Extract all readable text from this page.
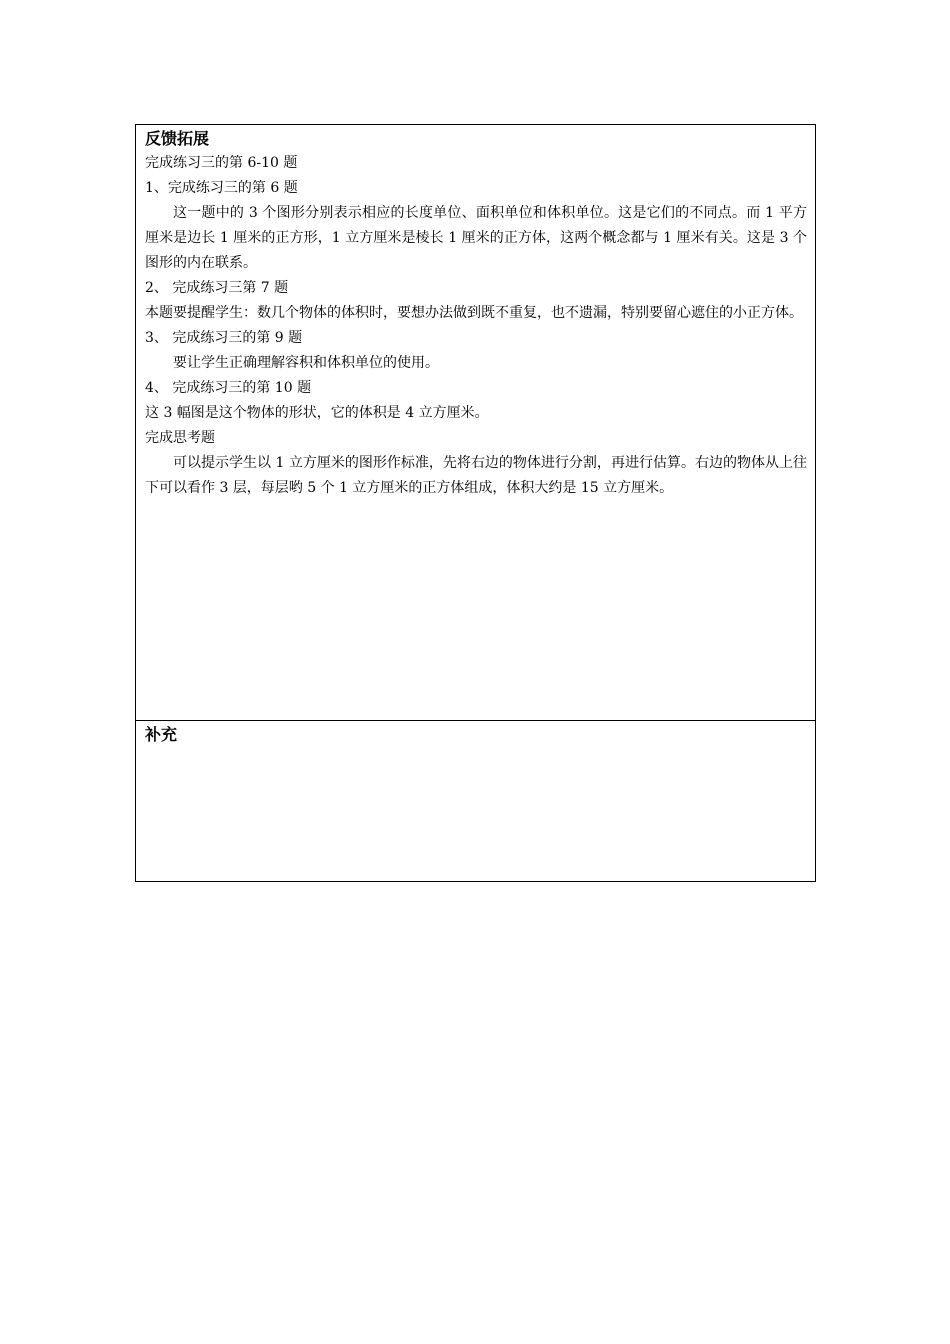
反馈拓展

完成练习三的第 6-10 题

1、完成练习三的第 6 题

这一题中的 3 个图形分别表示相应的长度单位、面积单位和体积单位。这是它们的不同点。而 1 平方厘米是边长 1 厘米的正方形，1 立方厘米是棱长 1 厘米的正方体，这两个概念都与 1 厘米有关。这是 3 个图形的内在联系。

2、 完成练习三第 7 题

本题要提醒学生：数几个物体的体积时，要想办法做到既不重复，也不遗漏，特别要留心遮住的小正方体。

3、 完成练习三的第 9 题

要让学生正确理解容积和体积单位的使用。

4、 完成练习三的第 10 题

这 3 幅图是这个物体的形状，它的体积是 4 立方厘米。

完成思考题

可以提示学生以 1 立方厘米的图形作标准，先将右边的物体进行分割，再进行估算。右边的物体从上往下可以看作 3 层，每层哟 5 个 1 立方厘米的正方体组成，体积大约是 15 立方厘米。

补充
